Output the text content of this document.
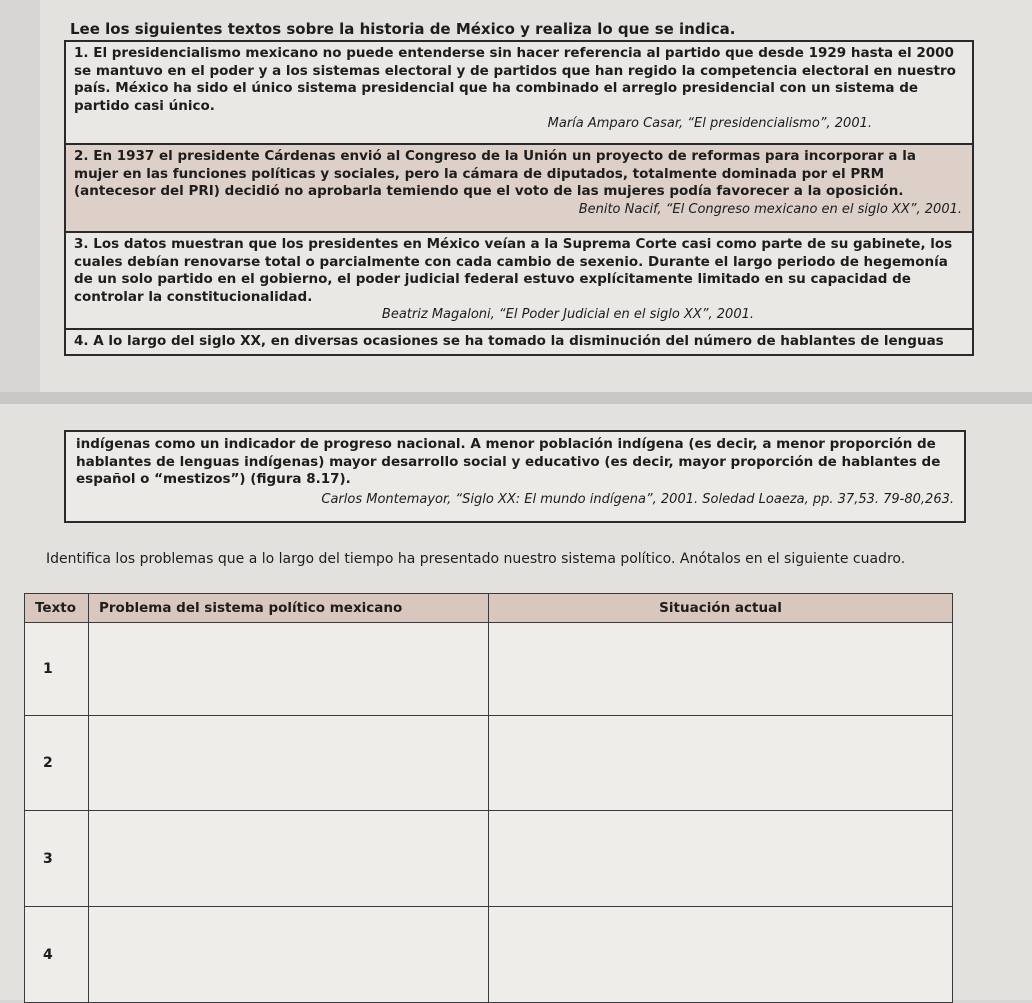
Lee los siguientes textos sobre la historia de México y realiza lo que se indica.
1. El presidencialismo mexicano no puede entenderse sin hacer referencia al partido que desde 1929 hasta el 2000 se mantuvo en el poder y a los sistemas electoral y de partidos que han regido la competencia electoral en nuestro país. México ha sido el único sistema presidencial que ha combinado el arreglo presidencial con un sistema de partido casi único.
María Amparo Casar, “El presidencialismo”, 2001.
2. En 1937 el presidente Cárdenas envió al Congreso de la Unión un proyecto de reformas para incorporar a la mujer en las funciones políticas y sociales, pero la cámara de diputados, totalmente dominada por el PRM (antecesor del PRI) decidió no aprobarla temiendo que el voto de las mujeres podía favorecer a la oposición.
Benito Nacif, “El Congreso mexicano en el siglo XX”, 2001.
3. Los datos muestran que los presidentes en México veían a la Suprema Corte casi como parte de su gabinete, los cuales debían renovarse total o parcialmente con cada cambio de sexenio. Durante el largo periodo de hegemonía de un solo partido en el gobierno, el poder judicial federal estuvo explícitamente limitado en su capacidad de controlar la constitucionalidad.
Beatriz Magaloni, “El Poder Judicial en el siglo XX”, 2001.
4. A lo largo del siglo XX, en diversas ocasiones se ha tomado la disminución del número de hablantes de lenguas
indígenas como un indicador de progreso nacional. A menor población indígena (es decir, a menor proporción de hablantes de lenguas indígenas) mayor desarrollo social y educativo (es decir, mayor proporción de hablantes de español o “mestizos”) (figura 8.17).
Carlos Montemayor, “Siglo XX: El mundo indígena”, 2001. Soledad Loaeza, pp. 37,53. 79-80,263.
Identifica los problemas que a lo largo del tiempo ha presentado nuestro sistema político. Anótalos en el siguiente cuadro.
Texto	Problema del sistema político mexicano	Situación actual
1		
2		
3		
4		
